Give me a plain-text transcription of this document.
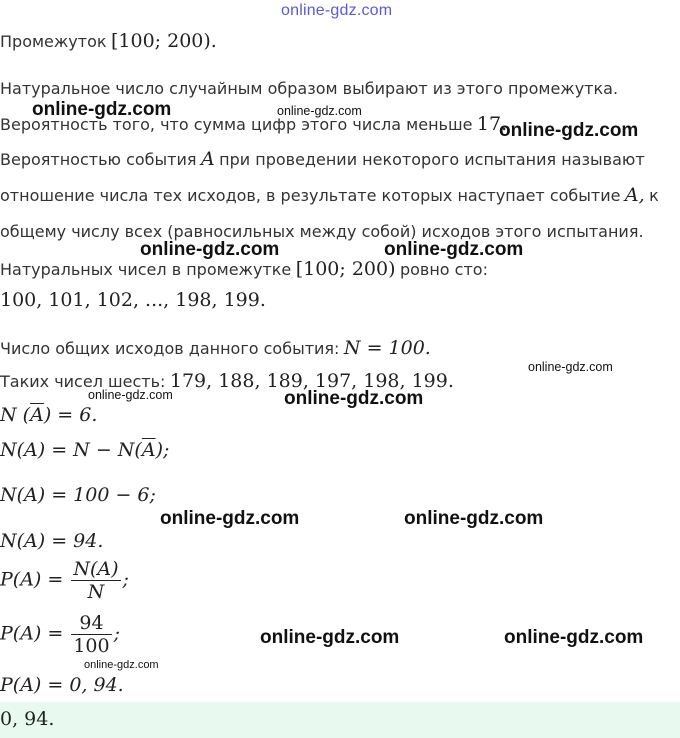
online-gdz.com
Промежуток [100; 200).
Натуральное число случайным образом выбирают из этого промежутка.
Вероятность того, что сумма цифр этого числа меньше 17.
Вероятностью события A при проведении некоторого испытания называют
отношение числа тех исходов, в результате которых наступает событие A, к
общему числу всех (равносильных между собой) исходов этого испытания.
Натуральных чисел в промежутке [100; 200) ровно сто:
100, 101, 102, ..., 198, 199.
Число общих исходов данного события: N = 100.
Таких чисел шесть: 179, 188, 189, 197, 198, 199.
N $(\overline{A}) = 6$.
$N(A) = N - N(\overline{A})$;
N(A) = 100 − 6;
N(A) = 94.
$P(A) = \frac{N(A)}{N}$ ;
$P(A) = \frac{94}{100}$ ;
P(A) = 0, 94.
0, 94.
online-gdz.com	online-gdz.com
online-gdz.com
online-gdz.com	online-gdz.com
online-gdz.com
online-gdz.com	online-gdz.com
online-gdz.com	online-gdz.com
online-gdz.com	online-gdz.com
online-gdz.com
